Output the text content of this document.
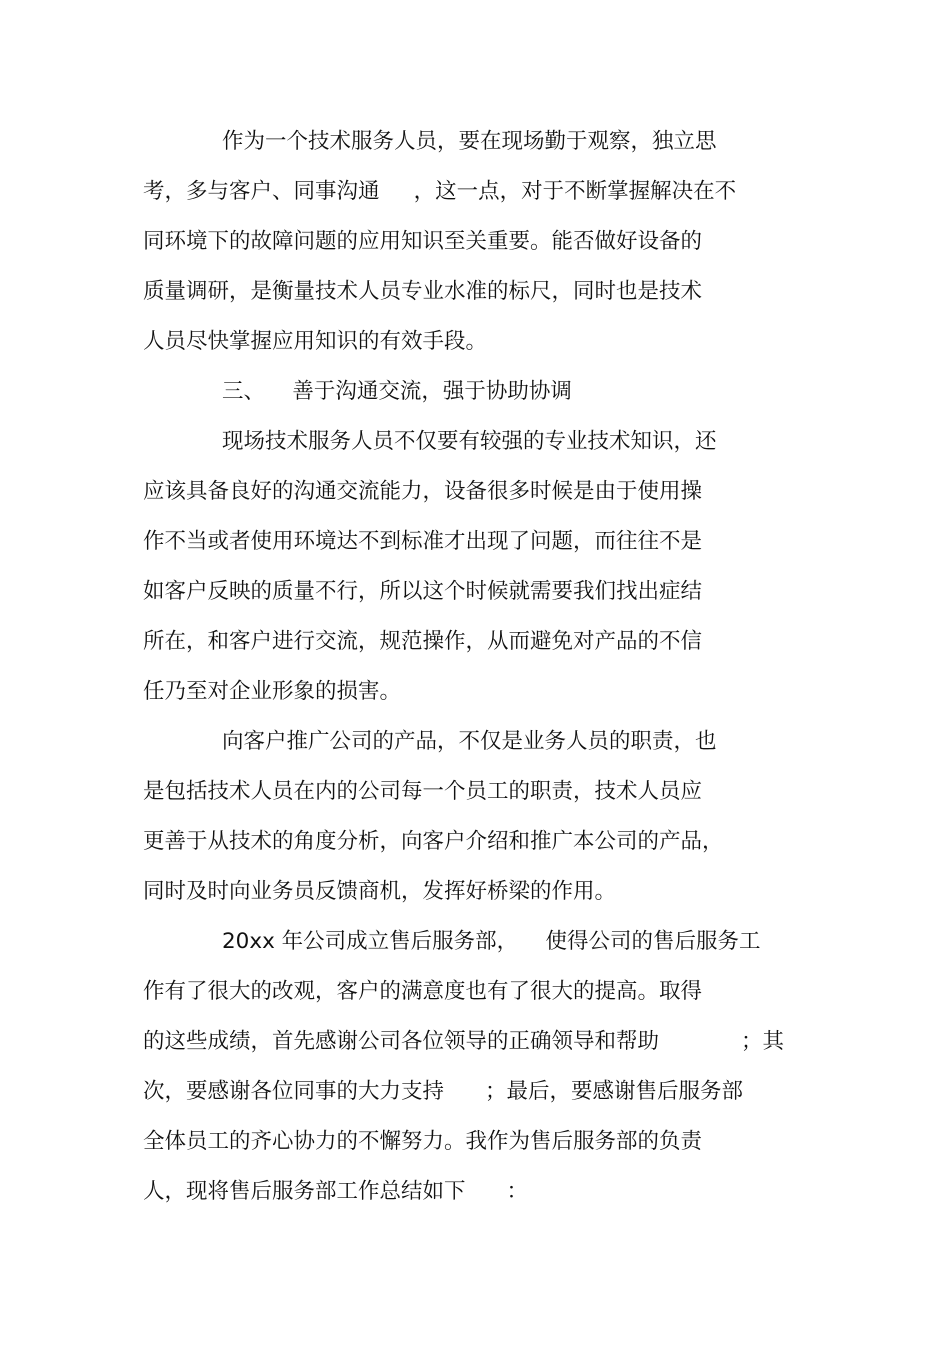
作为一个技术服务人员，要在现场勤于观察，独立思
考，多与客户、同事沟通     ，这一点，对于不断掌握解决在不
同环境下的故障问题的应用知识至关重要。能否做好设备的
质量调研，是衡量技术人员专业水准的标尺，同时也是技术
人员尽快掌握应用知识的有效手段。
三、    善于沟通交流，强于协助协调
现场技术服务人员不仅要有较强的专业技术知识，还
应该具备良好的沟通交流能力，设备很多时候是由于使用操
作不当或者使用环境达不到标准才出现了问题，而往往不是
如客户反映的质量不行，所以这个时候就需要我们找出症结
所在，和客户进行交流，规范操作，从而避免对产品的不信
任乃至对企业形象的损害。
向客户推广公司的产品，不仅是业务人员的职责，也
是包括技术人员在内的公司每一个员工的职责，技术人员应
更善于从技术的角度分析，向客户介绍和推广本公司的产品，
同时及时向业务员反馈商机，发挥好桥梁的作用。
20xx 年公司成立售后服务部，    使得公司的售后服务工
作有了很大的改观，客户的满意度也有了很大的提高。取得
的这些成绩，首先感谢公司各位领导的正确领导和帮助            ；其
次，要感谢各位同事的大力支持      ；最后，要感谢售后服务部
全体员工的齐心协力的不懈努力。我作为售后服务部的负责
人，现将售后服务部工作总结如下      ：
